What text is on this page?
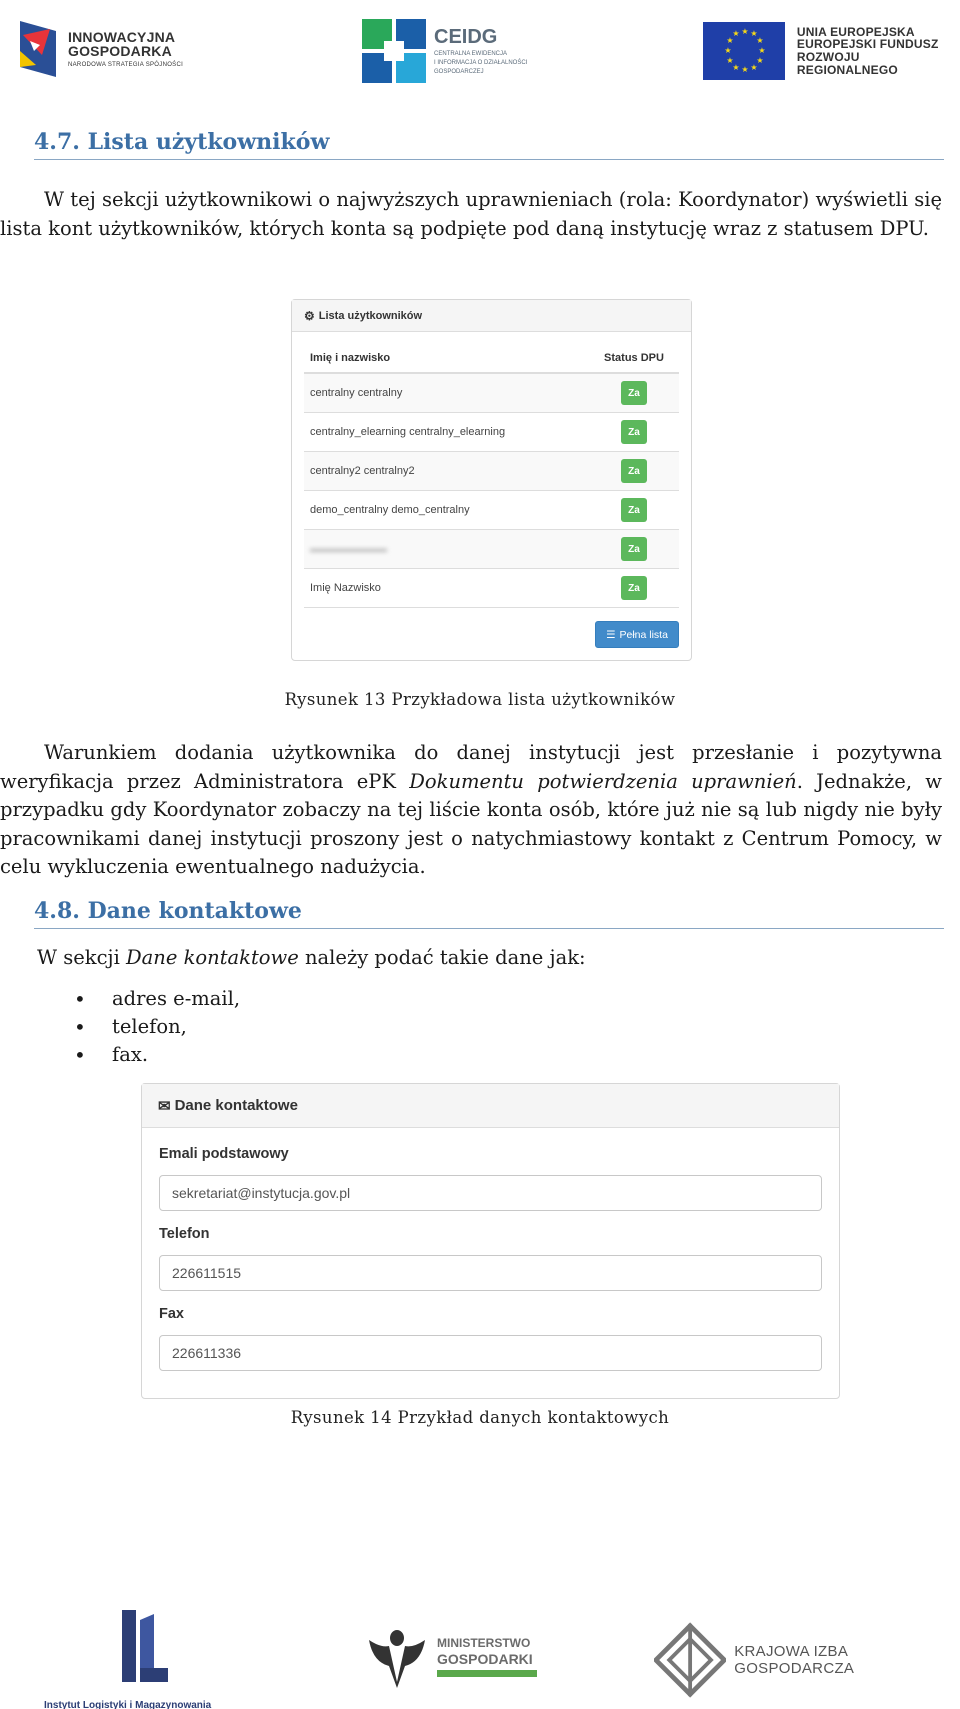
INNOWACYJNA
GOSPODARKA
NARODOWA STRATEGIA SPÓJNOŚCI
CEIDG
CENTRALNA EWIDENCJA
I INFORMACJA O DZIAŁALNOŚCI
GOSPODARCZEJ
★ ★
★
★
★
★
★
★
★
★
★
★	UNIA EUROPEJSKA
EUROPEJSKI FUNDUSZ
ROZWOJU REGIONALNEGO
4.7. Lista użytkowników

W tej sekcji użytkownikowi o najwyższych uprawnieniach (rola: Koordynator) wyświetli się lista kont użytkowników, których konta są podpięte pod daną instytucję wraz z statusem DPU.

⚙ Lista użytkowników
Imię i nazwisko	Status DPU
centralny centralny	Za
centralny_elearning centralny_elearning	Za
centralny2 centralny2	Za
demo_centralny demo_centralny	Za
▬▬▬▬▬▬▬	Za
Imię Nazwisko	Za
☰ Pełna lista

Rysunek 13 Przykładowa lista użytkowników

Warunkiem dodania użytkownika do danej instytucji jest przesłanie i pozytywna weryfikacja przez Administratora ePK Dokumentu potwierdzenia uprawnień. Jednakże, w przypadku gdy Koordynator zobaczy na tej liście konta osób, które już nie są lub nigdy nie były pracownikami danej instytucji proszony jest o natychmiastowy kontakt z Centrum Pomocy, w celu wykluczenia ewentualnego nadużycia.

4.8. Dane kontaktowe

W sekcji Dane kontaktowe należy podać takie dane jak:

•	adres e-mail,
•	telefon,
•	fax.
✉ Dane kontaktowe
Emali podstawowy
sekretariat@instytucja.gov.pl
Telefon
226611515
Fax
226611336

Rysunek 14 Przykład danych kontaktowych

Instytut Logistyki i Magazynowania
MINISTERSTWO
GOSPODARKI	KRAJOWA IZBA GOSPODARCZA
